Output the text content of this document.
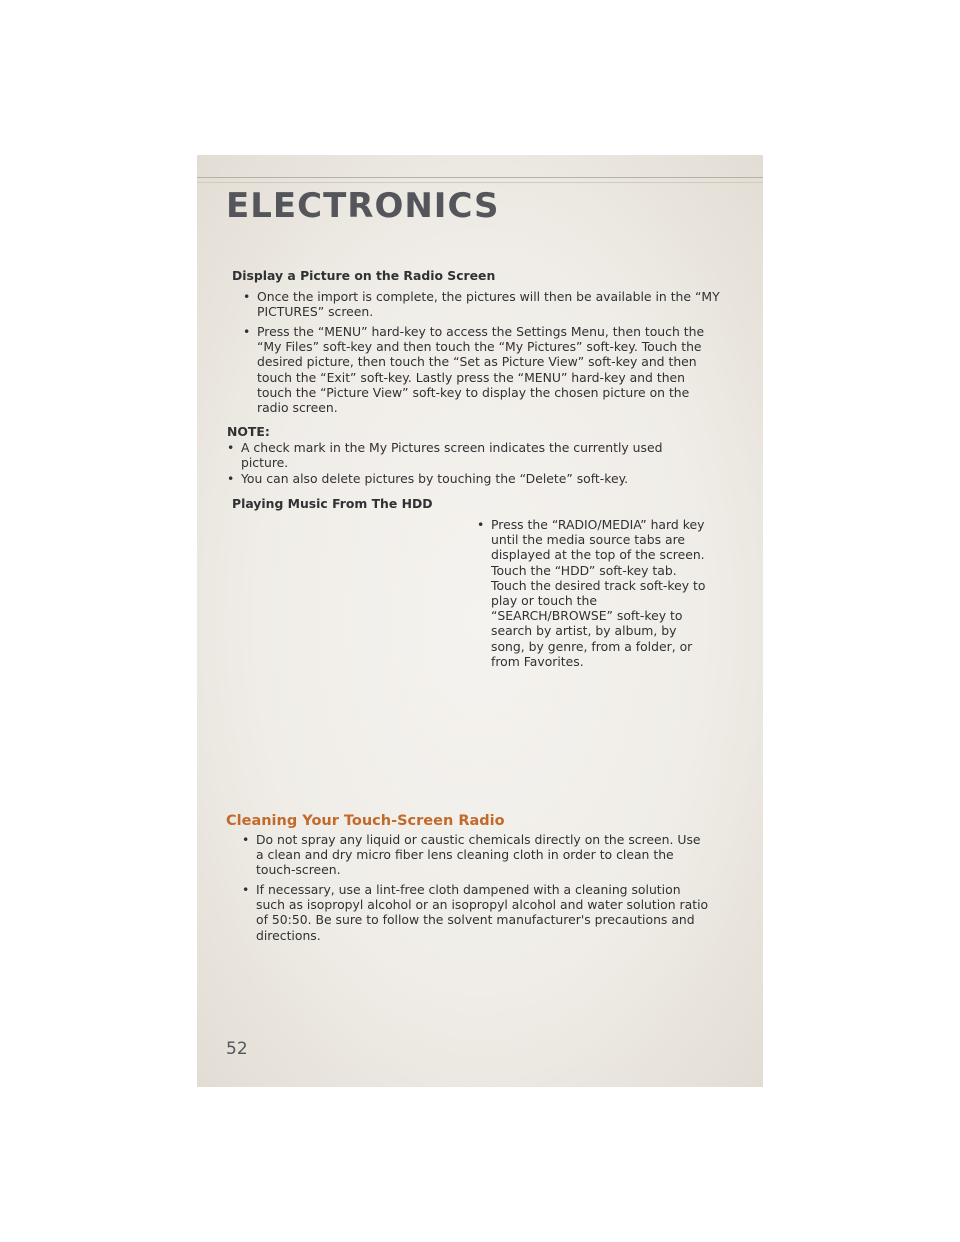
ELECTRONICS

Display a Picture on the Radio Screen

• Once the import is complete, the pictures will then be available in the “MY PICTURES” screen.

• Press the “MENU” hard-key to access the Settings Menu, then touch the “My Files” soft-key and then touch the “My Pictures” soft-key. Touch the desired picture, then touch the “Set as Picture View” soft-key and then touch the “Exit” soft-key. Lastly press the “MENU” hard-key and then touch the “Picture View” soft-key to display the chosen picture on the radio screen.

NOTE:

• A check mark in the My Pictures screen indicates the currently used picture.

• You can also delete pictures by touching the “Delete” soft-key.

Playing Music From The HDD

• Press the “RADIO/MEDIA” hard key until the media source tabs are displayed at the top of the screen. Touch the “HDD” soft-key tab. Touch the desired track soft-key to play or touch the “SEARCH/BROWSE” soft-key to search by artist, by album, by song, by genre, from a folder, or from Favorites.

Cleaning Your Touch-Screen Radio

• Do not spray any liquid or caustic chemicals directly on the screen. Use a clean and dry micro fiber lens cleaning cloth in order to clean the touch-screen.

• If necessary, use a lint-free cloth dampened with a cleaning solution such as isopropyl alcohol or an isopropyl alcohol and water solution ratio of 50:50. Be sure to follow the solvent manufacturer's precautions and directions.

52
